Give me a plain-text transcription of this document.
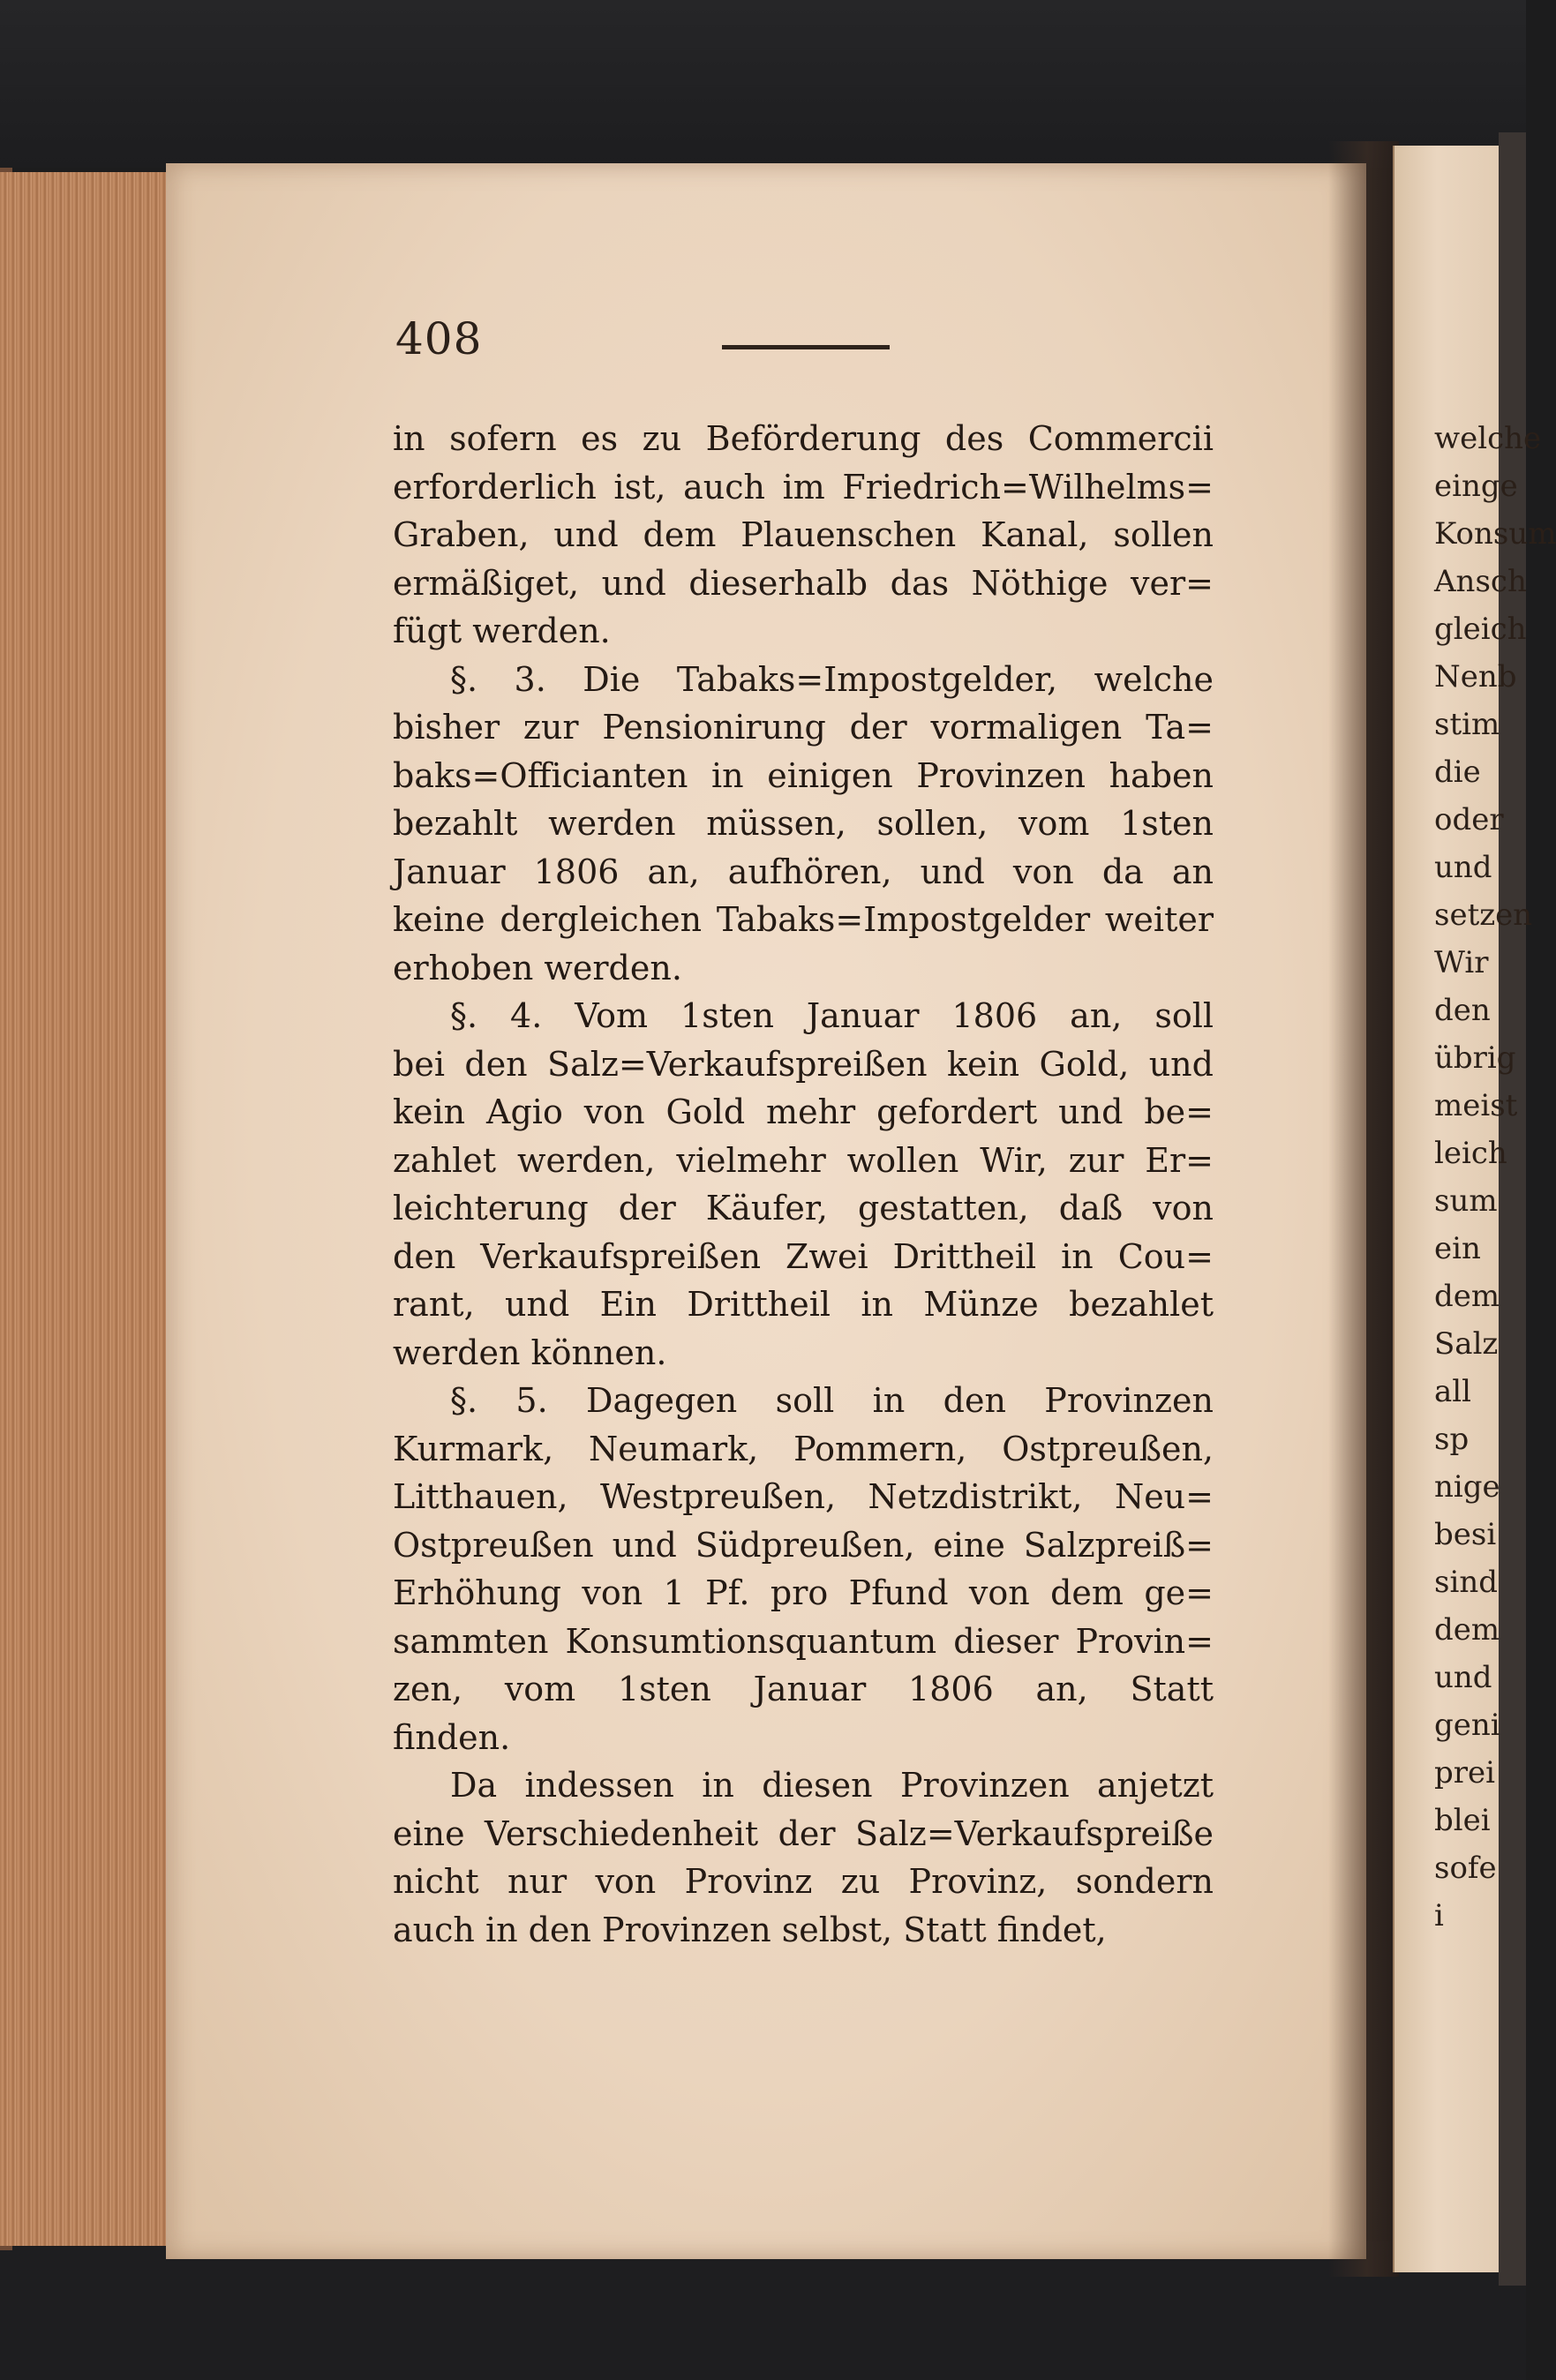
welche
einge
Konsum
Ansch
gleich
Nenb
stim
die
oder
und
setzen
Wir
den
übrig
meist
leich
sum
ein
dem
Salz
all
sp
nige
besi
sind
dem
und
geni
prei
blei
sofe
i
408
in sofern es zu Beförderung des Commercii
erforderlich ist, auch im Friedrich=Wilhelms=
Graben, und dem Plauenschen Kanal, sollen
ermäßiget, und dieserhalb das Nöthige ver=
fügt werden.
§. 3. Die Tabaks=Impostgelder, welche
bisher zur Pensionirung der vormaligen Ta=
baks=Officianten in einigen Provinzen haben
bezahlt werden müssen, sollen, vom 1sten
Januar 1806 an, aufhören, und von da an
keine dergleichen Tabaks=Impostgelder weiter
erhoben werden.
§. 4. Vom 1sten Januar 1806 an, soll
bei den Salz=Verkaufspreißen kein Gold, und
kein Agio von Gold mehr gefordert und be=
zahlet werden, vielmehr wollen Wir, zur Er=
leichterung der Käufer, gestatten, daß von
den Verkaufspreißen Zwei Drittheil in Cou=
rant, und Ein Drittheil in Münze bezahlet
werden können.
§. 5. Dagegen soll in den Provinzen
Kurmark, Neumark, Pommern, Ostpreußen,
Litthauen, Westpreußen, Netzdistrikt, Neu=
Ostpreußen und Südpreußen, eine Salzpreiß=
Erhöhung von 1 Pf. pro Pfund von dem ge=
sammten Konsumtionsquantum dieser Provin=
zen, vom 1sten Januar 1806 an, Statt
finden.
Da indessen in diesen Provinzen anjetzt
eine Verschiedenheit der Salz=Verkaufspreiße
nicht nur von Provinz zu Provinz, sondern
auch in den Provinzen selbst, Statt findet,
